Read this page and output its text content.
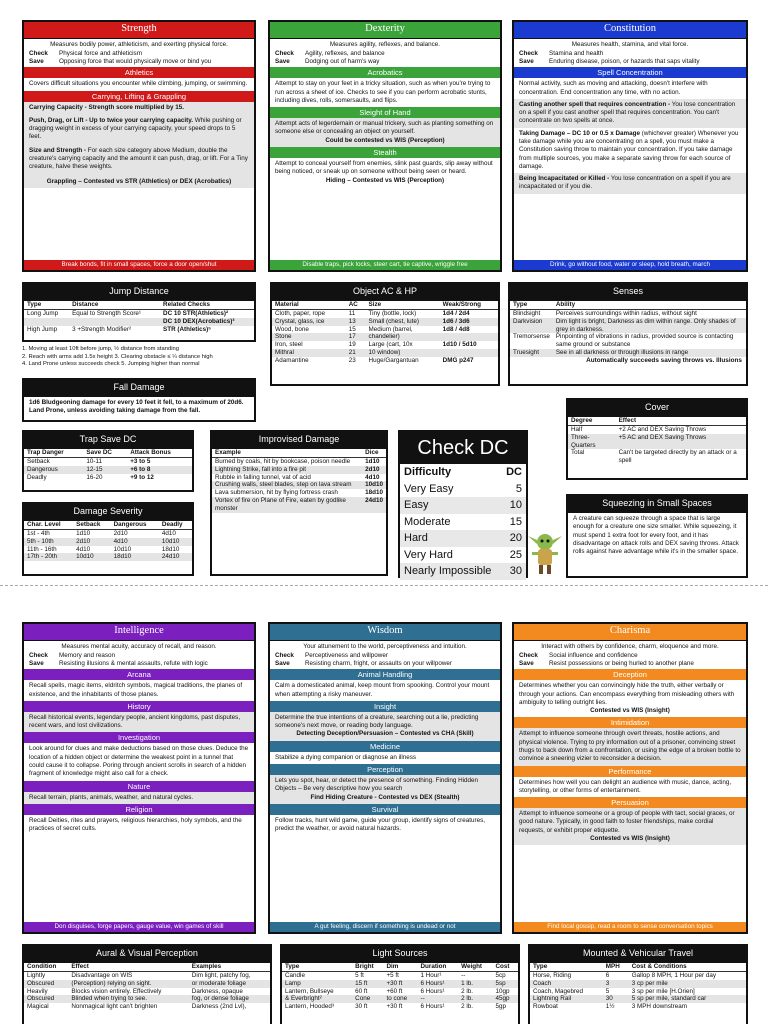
Strength
Measures bodily power, athleticism, and exerting physical force.
Check	Physical force and athleticism
Save	Opposing force that would physically move or bind you
Athletics
Covers difficult situations you encounter while climbing, jumping, or swimming.
Carrying, Lifting & Grappling
Carrying Capacity - Strength score multiplied by 15.
Push, Drag, or Lift - Up to twice your carrying capacity. While pushing or dragging weight in excess of your carrying capacity, your speed drops to 5 feet.
Size and Strength - For each size category above Medium, double the creature's carrying capacity and the amount it can push, drag, or lift. For a Tiny creature, halve these weights.
Grappling – Contested vs STR (Athletics) or DEX (Acrobatics)
Break bonds, fit in small spaces, force a door open/shut
Dexterity
Measures agility, reflexes, and balance.
Check	Agility, reflexes, and balance
Save	Dodging out of harm's way
Acrobatics
Attempt to stay on your feet in a tricky situation, such as when you're trying to run across a sheet of ice. Checks to see if you can perform acrobatic stunts, including dives, rolls, somersaults, and flips.
Sleight of Hand
Attempt acts of legerdemain or manual trickery, such as planting something on someone else or concealing an object on yourself.
Could be contested vs WIS (Perception)
Stealth
Attempt to conceal yourself from enemies, slink past guards, slip away without being noticed, or sneak up on someone without being seen or heard.
Hiding – Contested vs WIS (Perception)
Disable traps, pick locks, steer cart, tie captive, wriggle free
Constitution
Measures health, stamina, and vital force.
Check	Stamina and health
Save	Enduring disease, poison, or hazards that saps vitality
Spell Concentration
Normal activity, such as moving and attacking, doesn't interfere with concentration. End concentration any time, with no action.
Casting another spell that requires concentration - You lose concentration on a spell if you cast another spell that requires concentration. You can't concentrate on two spells at once.
Taking Damage – DC 10 or 0.5 x Damage (whichever greater) Whenever you take damage while you are concentrating on a spell, you must make a Constitution saving throw to maintain your concentration. If you take damage from multiple sources, you make a separate saving throw for each source of damage.
Being Incapacitated or Killed - You lose concentration on a spell if you are incapacitated or if you die.
Drink, go without food, water or sleep, hold breath, march
Jump Distance
Type	Distance	Related Checks
Long Jump	Equal to Strength Score¹	DC 10 STR(Athletics)²
		DC 10 DEX(Acrobatics)³
High Jump	3 +Strength Modifier²	STR (Athletics)⁵
1. Moving at least 10ft before jump, ½ distance from standing
2. Reach with arms add 1.5x height 3. Clearing obstacle ≤ ¼ distance high
4. Land Prone unless succeeds check 5. Jumping higher than normal
Fall Damage
1d6 Bludgeoning damage for every 10 feet it fell, to a maximum of 20d6. Land Prone, unless avoiding taking damage from the fall.
Object AC & HP
Material	AC	Size	Weak/Strong
Cloth, paper, rope	11	Tiny (bottle, lock)	1d4 / 2d4
Crystal, glass, ice	13	Small (chest, lute)	1d6 / 3d6
Wood, bone	15	Medium (barrel,	1d8 / 4d8
Stone	17	chandelier)	
Iron, steel	19	Large (cart, 10x	1d10 / 5d10
Mithral	21	10 window)	
Adamantine	23	Huge/Gargantuan	DMG p247
Senses
Type	Ability
Blindsight	Perceives surroundings within radius, without sight
Darkvision	Dim light is bright, Darkness as dim within range. Only shades of grey in darkness.
Tremorsense	Pinpointing of vibrations in radius, provided source is contacting same ground or substance
Truesight	See in all darkness or through illusions in range
Automatically succeeds saving throws vs. Illusions
Cover
Degree	Effect
Half	+2 AC and DEX Saving Throws
Three-Quarters	+5 AC and DEX Saving Throws
Total	Can't be targeted directly by an attack or a spell
Trap Save DC
Trap Danger	Save DC	Attack Bonus
Setback	10-11	+3 to 5
Dangerous	12-15	+6 to 8
Deadly	16-20	+9 to 12
Damage Severity
Char. Level	Setback	Dangerous	Deadly
1st - 4th	1d10	2d10	4d10
5th - 10th	2d10	4d10	10d10
11th - 16th	4d10	10d10	18d10
17th - 20th	10d10	18d10	24d10
Improvised Damage
Example	Dice
Burned by coals, hit by bookcase, poison needle	1d10
Lightning Strike, fall into a fire pit	2d10
Rubble in falling tunnel, vat of acid	4d10
Crushing walls, steel blades, step on lava stream	10d10
Lava submersion, hit by flying fortress crash	18d10
Vortex of fire on Plane of Fire, eaten by godlike monster	24d10
Check DC
Difficulty	DC
Very Easy	5
Easy	10
Moderate	15
Hard	20
Very Hard	25
Nearly Impossible	30
Squeezing in Small Spaces
A creature can squeeze through a space that is large enough for a creature one size smaller. While squeezing, it must spend 1 extra foot for every foot, and it has disadvantage on attack rolls and DEX saving throws. Attack rolls against have advantage while it's in the smaller space.
Intelligence
Measures mental acuity, accuracy of recall, and reason.
Check	Memory and reason
Save	Resisting illusions & mental assaults, refute with logic
Arcana
Recall spells, magic items, eldritch symbols, magical traditions, the planes of existence, and the inhabitants of those planes.
History
Recall historical events, legendary people, ancient kingdoms, past disputes, recent wars, and lost civilizations.
Investigation
Look around for clues and make deductions based on those clues. Deduce the location of a hidden object or determine the weakest point in a tunnel that could cause it to collapse. Poring through ancient scrolls in search of a hidden fragment of knowledge might also call for a check.
Nature
Recall terrain, plants, animals, weather, and natural cycles.
Religion
Recall Deities, rites and prayers, religious hierarchies, holy symbols, and the practices of secret cults.
Don disguises, forge papers, gauge value, win games of skill
Wisdom
Your attunement to the world, perceptiveness and intuition.
Check	Perceptiveness and willpower
Save	Resisting charm, fright, or assaults on your willpower
Animal Handling
Calm a domesticated animal, keep mount from spooking. Control your mount when attempting a risky maneuver.
Insight
Determine the true intentions of a creature, searching out a lie, predicting someone's next move, or reading body language.
Detecting Deception/Persuasion – Contested vs CHA (Skill)
Medicine
Stabilize a dying companion or diagnose an illness
Perception
Lets you spot, hear, or detect the presence of something. Finding Hidden Objects – Be very descriptive how you search
Find Hiding Creature - Contested vs DEX (Stealth)
Survival
Follow tracks, hunt wild game, guide your group, identify signs of creatures, predict the weather, or avoid natural hazards.
A gut feeling, discern if something is undead or not
Charisma
Interact with others by confidence, charm, eloquence and more.
Check	Social influence and confidence
Save	Resist possessions or being hurled to another plane
Deception
Determines whether you can convincingly hide the truth, either verbally or through your actions. Can encompass everything from misleading others with ambiguity to telling outright lies.
Contested vs WIS (Insight)
Intimidation
Attempt to influence someone through overt threats, hostile actions, and physical violence. Trying to pry information out of a prisoner, convincing street thugs to back down from a confrontation, or using the edge of a broken bottle to convince a sneering vizier to reconsider a decision.
Performance
Determines how well you can delight an audience with music, dance, acting, storytelling, or other forms of entertainment.
Persuasion
Attempt to influence someone or a group of people with tact, social graces, or good nature. Typically, in good faith to foster friendships, make cordial requests, or exhibit proper etiquette.
Contested vs WIS (Insight)
Find local gossip, read a room to sense conversation topics
Aural & Visual Perception
Condition	Effect	Examples
Lightly	Disadvantage on WIS	Dim light, patchy fog,
Obscured	(Perception) relying on sight.	or moderate foliage
Heavily	Blocks vision entirely. Effectively	Darkness, opaque
Obscured	Blinded when trying to see.	fog, or dense foliage
Magical	Nonmagical light can't brighten	Darkness (2nd Lvl),
Light Sources
Type	Bright	Dim	Duration	Weight	Cost
Candle	5 ft	+5 ft	1 Hour¹	--	5cp
Lamp	15 ft	+30 ft	6 Hours¹	1 lb.	5sp
Lantern, Bullseye	60 ft	+60 ft	6 Hours¹	2 lb.	10gp
& Everbright²	Cone	to cone	--	2 lb.	45gp
Lantern, Hooded³	30 ft	+30 ft	6 Hours¹	2 lb.	5gp
Mounted & Vehicular Travel
Type	MPH	Cost & Conditions
Horse, Riding	6	Gallop 8 MPH, 1 Hour per day
Coach	3	3 cp per mile
Coach, Magebred	5	3 sp per mile [H.Orien]
Lightning Rail	30	5 sp per mile, standard car
Rowboat	1½	3 MPH downstream
